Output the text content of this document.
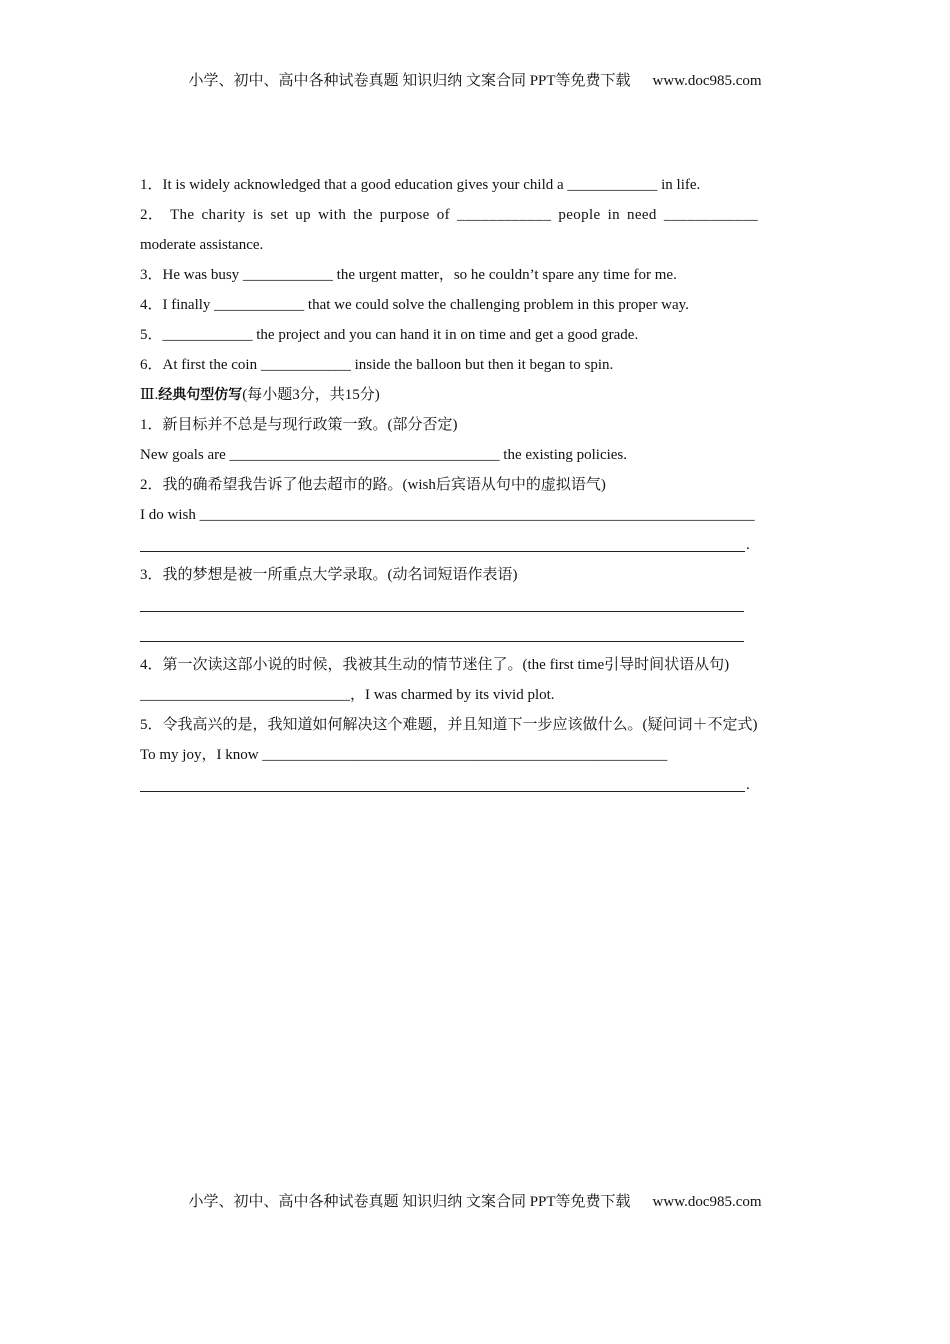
小学、初中、高中各种试卷真题 知识归纳 文案合同 PPT等免费下载 www.doc985.com
1．It is widely acknowledged that a good education gives your child a ____________ in life.
2． The charity is set up with the purpose of ____________ people in need ____________
moderate assistance.
3．He was busy ____________ the urgent matter，so he couldn’t spare any time for me.
4．I finally ____________ that we could solve the challenging problem in this proper way.
5．____________ the project and you can hand it in on time and get a good grade.
6．At first the coin ____________ inside the balloon but then it began to spin.
Ⅲ.经典句型仿写(每小题3分，共15分)
1．新目标并不总是与现行政策一致。(部分否定)
New goals are ____________________________________ the existing policies.
2．我的确希望我告诉了他去超市的路。(wish后宾语从句中的虚拟语气)
I do wish __________________________________________________________________________
.
3．我的梦想是被一所重点大学录取。(动名词短语作表语)
4．第一次读这部小说的时候，我被其生动的情节迷住了。(the first time引导时间状语从句)
____________________________，I was charmed by its vivid plot.
5．令我高兴的是，我知道如何解决这个难题，并且知道下一步应该做什么。(疑问词＋不定式)
To my joy，I know ______________________________________________________
.
小学、初中、高中各种试卷真题 知识归纳 文案合同 PPT等免费下载 www.doc985.com
